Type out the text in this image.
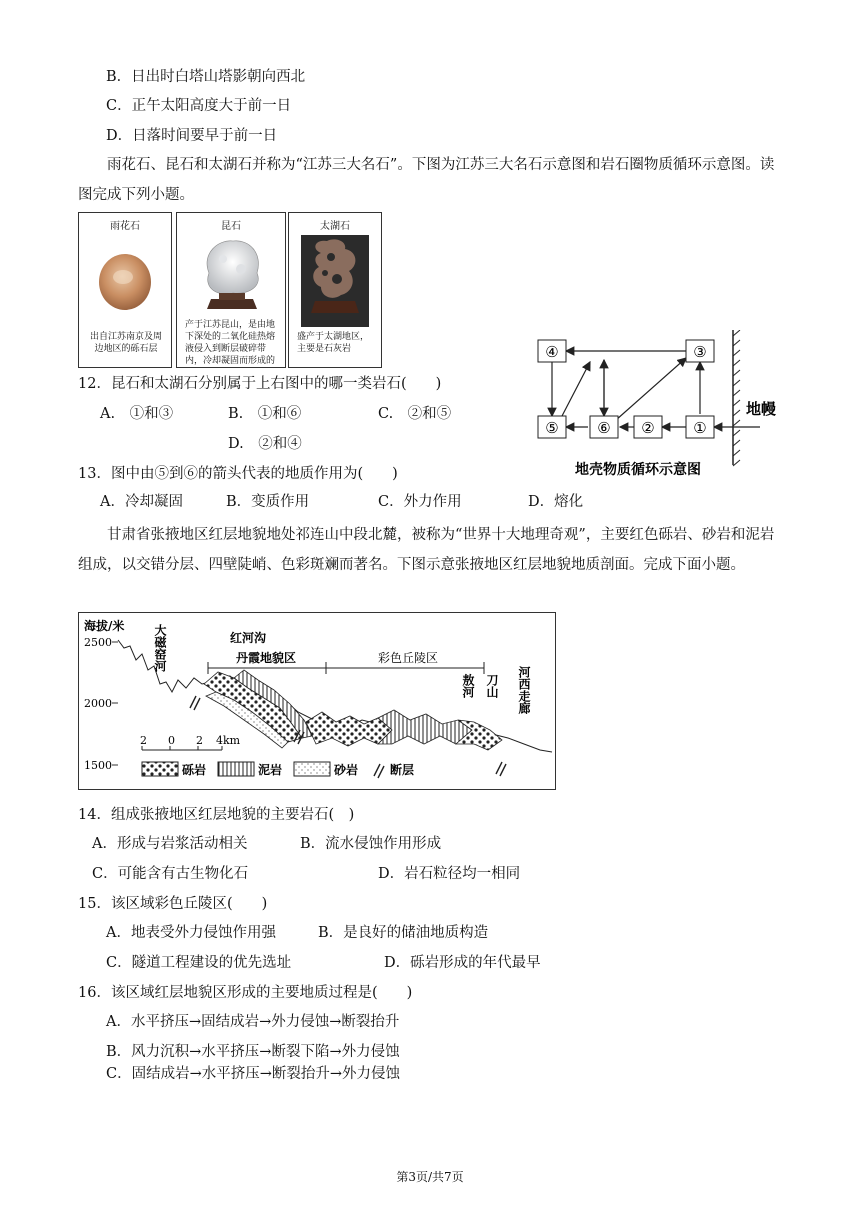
B．日出时白塔山塔影朝向西北
C．正午太阳高度大于前一日
D．日落时间要早于前一日
雨花石、昆石和太湖石并称为“江苏三大名石”。下图为江苏三大名石示意图和岩石圈物质循环示意图。读图完成下列小题。
雨花石
出自江苏南京及周边地区的砾石层
昆石
产于江苏昆山，是由地下深处的二氧化硅热熔液侵入到断层破碎带内，冷却凝固而形成的
太湖石
盛产于太湖地区，主要是石灰岩
地幔
④	③
⑤	⑥ ②	①
地壳物质循环示意图
12．昆石和太湖石分别属于上右图中的哪一类岩石(　　)
A.　①和③	B.　①和⑥	C.　②和⑤
D.　②和④
13．图中由⑤到⑥的箭头代表的地质作用为(　　)
A．冷却凝固	B．变质作用	C．外力作用	D．熔化
甘肃省张掖地区红层地貌地处祁连山中段北麓，被称为“世界十大地理奇观”，主要红色砾岩、砂岩和泥岩组成，以交错分层、四壁陡峭、色彩斑斓而著名。下图示意张掖地区红层地貌地质剖面。完成下面小题。
海拔/米
2500
2000
1500
大磁窑河	红河沟
丹霞地貌区	彩色丘陵区
敖河 刀山 河西走廊
2 0 2 4km
砾岩	泥岩	砂岩	断层
14．组成张掖地区红层地貌的主要岩石(　)
A．形成与岩浆活动相关	B．流水侵蚀作用形成
C．可能含有古生物化石	D．岩石粒径均一相同
15．该区域彩色丘陵区(　　)
A．地表受外力侵蚀作用强	B．是良好的储油地质构造
C．隧道工程建设的优先选址	D．砾岩形成的年代最早
16．该区域红层地貌区形成的主要地质过程是(　　)
A．水平挤压→固结成岩→外力侵蚀→断裂抬升
B．风力沉积→水平挤压→断裂下陷→外力侵蚀
C．固结成岩→水平挤压→断裂抬升→外力侵蚀
第3页/共7页
